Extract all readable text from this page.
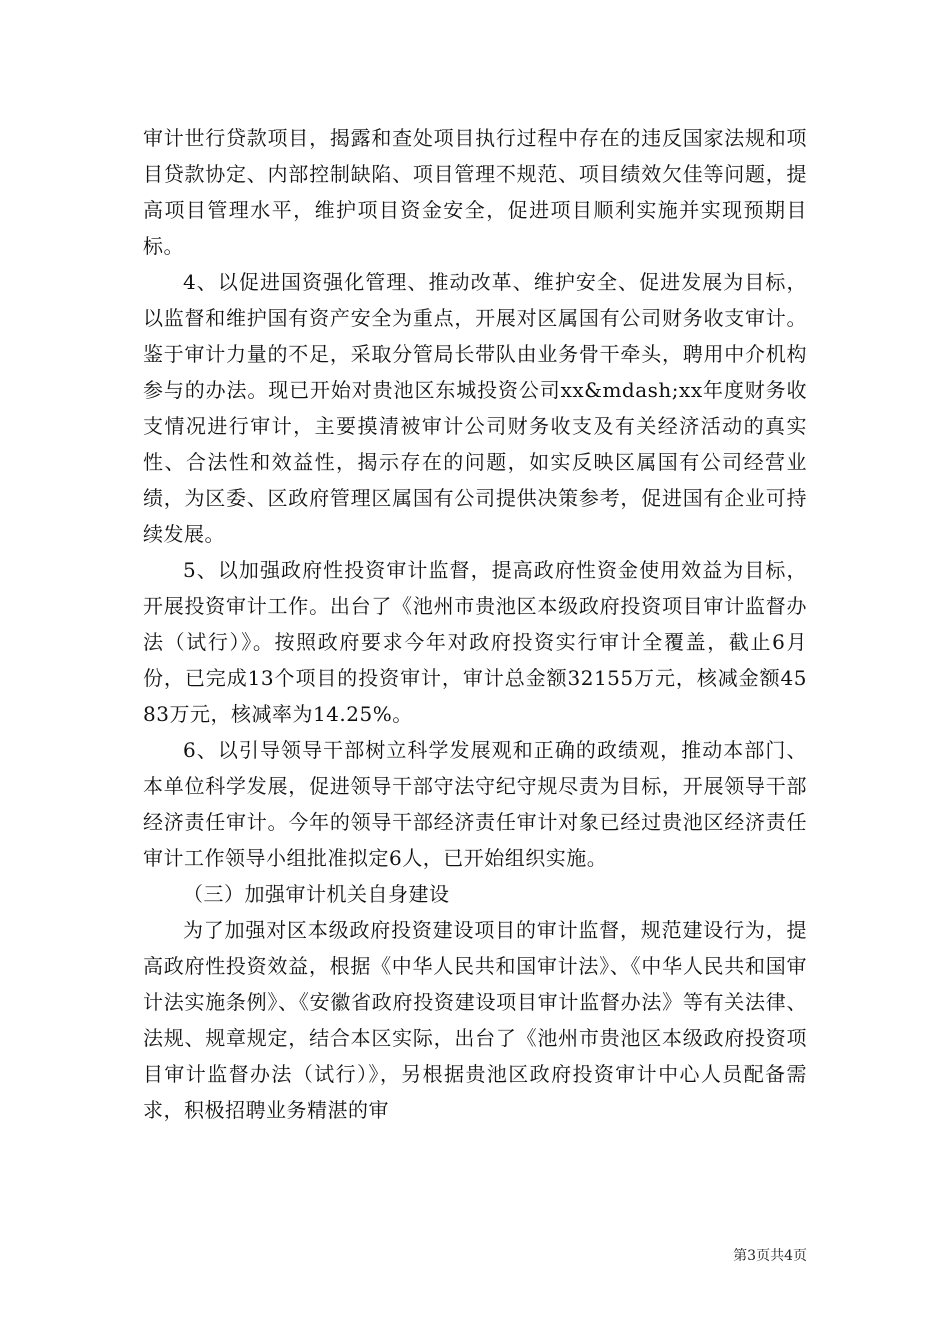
审计世行贷款项目，揭露和查处项目执行过程中存在的违反国家法规和项目贷款协定、内部控制缺陷、项目管理不规范、项目绩效欠佳等问题，提高项目管理水平，维护项目资金安全，促进项目顺利实施并实现预期目标。

4、以促进国资强化管理、推动改革、维护安全、促进发展为目标，以监督和维护国有资产安全为重点，开展对区属国有公司财务收支审计。鉴于审计力量的不足，采取分管局长带队由业务骨干牵头，聘用中介机构参与的办法。现已开始对贵池区东城投资公司xx&mdash;xx年度财务收支情况进行审计，主要摸清被审计公司财务收支及有关经济活动的真实性、合法性和效益性，揭示存在的问题，如实反映区属国有公司经营业绩，为区委、区政府管理区属国有公司提供决策参考，促进国有企业可持续发展。

5、以加强政府性投资审计监督，提高政府性资金使用效益为目标，开展投资审计工作。出台了《池州市贵池区本级政府投资项目审计监督办法（试行）》。按照政府要求今年对政府投资实行审计全覆盖，截止6月份，已完成13个项目的投资审计，审计总金额32155万元，核减金额4583万元，核减率为14.25%。

6、以引导领导干部树立科学发展观和正确的政绩观，推动本部门、本单位科学发展，促进领导干部守法守纪守规尽责为目标，开展领导干部经济责任审计。今年的领导干部经济责任审计对象已经过贵池区经济责任审计工作领导小组批准拟定6人，已开始组织实施。

（三）加强审计机关自身建设

为了加强对区本级政府投资建设项目的审计监督，规范建设行为，提高政府性投资效益，根据《中华人民共和国审计法》、《中华人民共和国审计法实施条例》、《安徽省政府投资建设项目审计监督办法》等有关法律、法规、规章规定，结合本区实际，出台了《池州市贵池区本级政府投资项目审计监督办法（试行）》，另根据贵池区政府投资审计中心人员配备需求，积极招聘业务精湛的审

第3页共4页
